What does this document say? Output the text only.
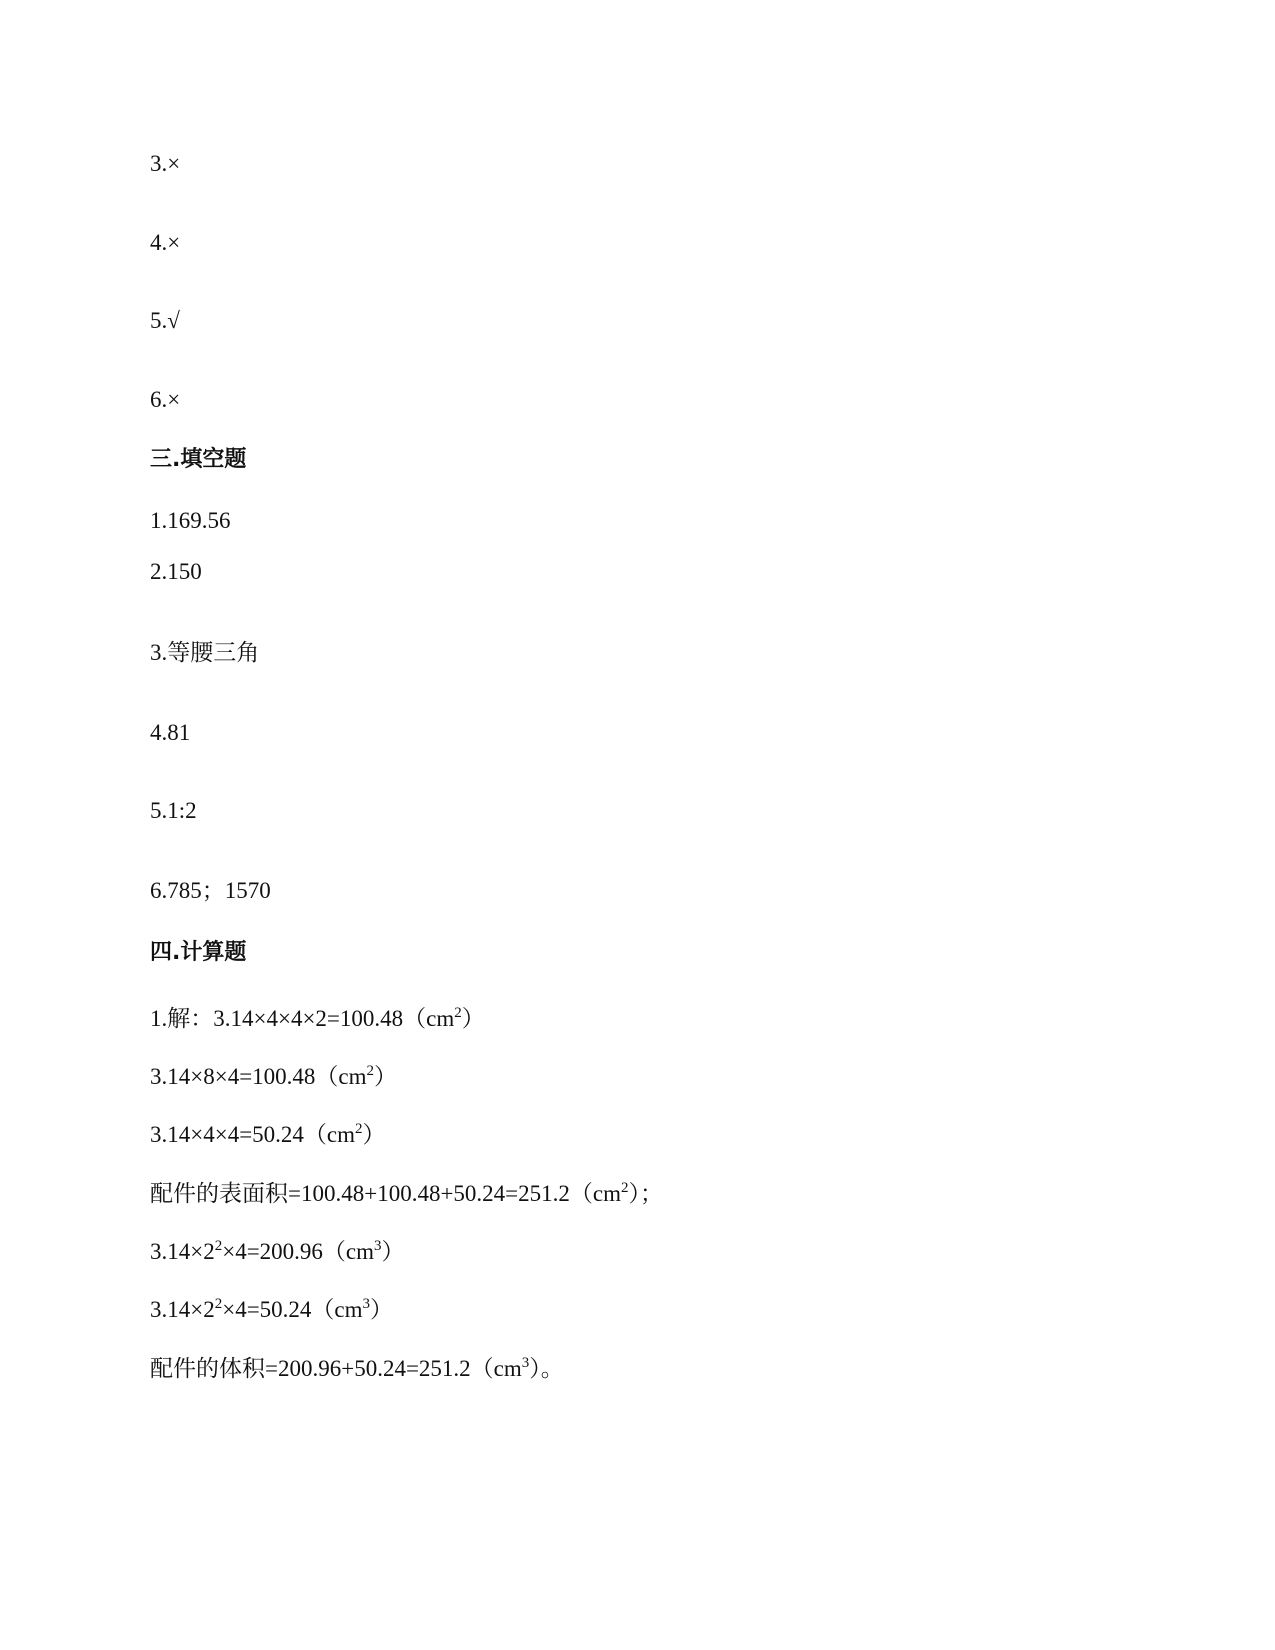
3.×
4.×
5.√
6.×
三.填空题
1.169.56
2.150
3.等腰三角
4.81
5.1:2
6.785；1570
四.计算题
1.解：$3.14\times 4\times 4\times 2=100.48(cm^2)$
$3.14\times 8\times 4=100.48(cm^2)$
$3.14\times 4\times 4=50.24(cm^2)$
配件的表面积$=100.48+100.48+50.24=251.2(cm^2)$；
$3.14\times 2^2\times 4=200.96(cm^3)$
$3.14\times 2^2\times 4=50.24(cm^3)$
配件的体积$=200.96+50.24=251.2(cm^3)$。
